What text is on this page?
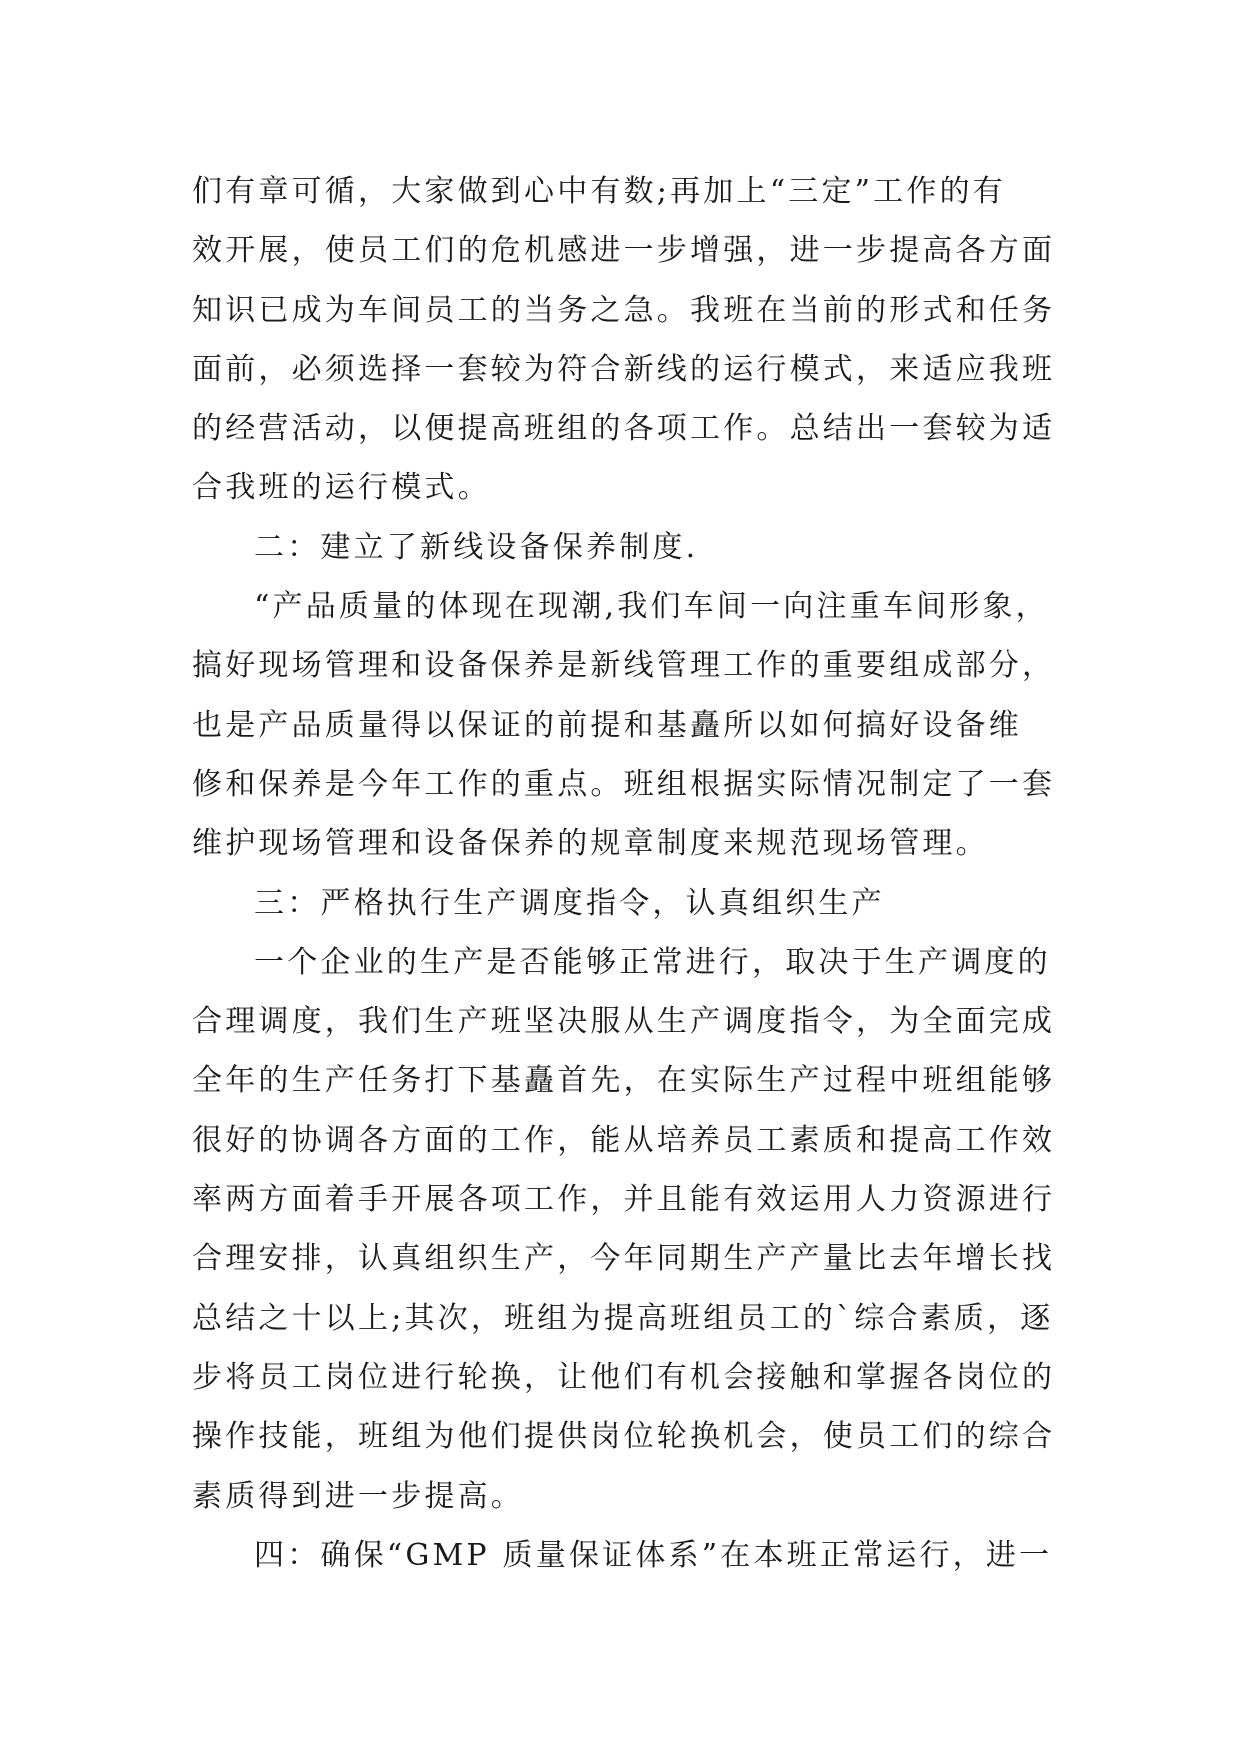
们有章可循，大家做到心中有数;再加上“三定”工作的有
效开展，使员工们的危机感进一步增强，进一步提高各方面
知识已成为车间员工的当务之急。我班在当前的形式和任务
面前，必须选择一套较为符合新线的运行模式，来适应我班
的经营活动，以便提高班组的各项工作。总结出一套较为适
合我班的运行模式。
二：建立了新线设备保养制度.
“产品质量的体现在现潮,我们车间一向注重车间形象，
搞好现场管理和设备保养是新线管理工作的重要组成部分，
也是产品质量得以保证的前提和基矗所以如何搞好设备维
修和保养是今年工作的重点。班组根据实际情况制定了一套
维护现场管理和设备保养的规章制度来规范现场管理。
三：严格执行生产调度指令，认真组织生产
一个企业的生产是否能够正常进行，取决于生产调度的
合理调度，我们生产班坚决服从生产调度指令，为全面完成
全年的生产任务打下基矗首先，在实际生产过程中班组能够
很好的协调各方面的工作，能从培养员工素质和提高工作效
率两方面着手开展各项工作，并且能有效运用人力资源进行
合理安排，认真组织生产，今年同期生产产量比去年增长找
总结之十以上;其次，班组为提高班组员工的`综合素质，逐
步将员工岗位进行轮换，让他们有机会接触和掌握各岗位的
操作技能，班组为他们提供岗位轮换机会，使员工们的综合
素质得到进一步提高。
四：确保“GMP 质量保证体系”在本班正常运行，进一
